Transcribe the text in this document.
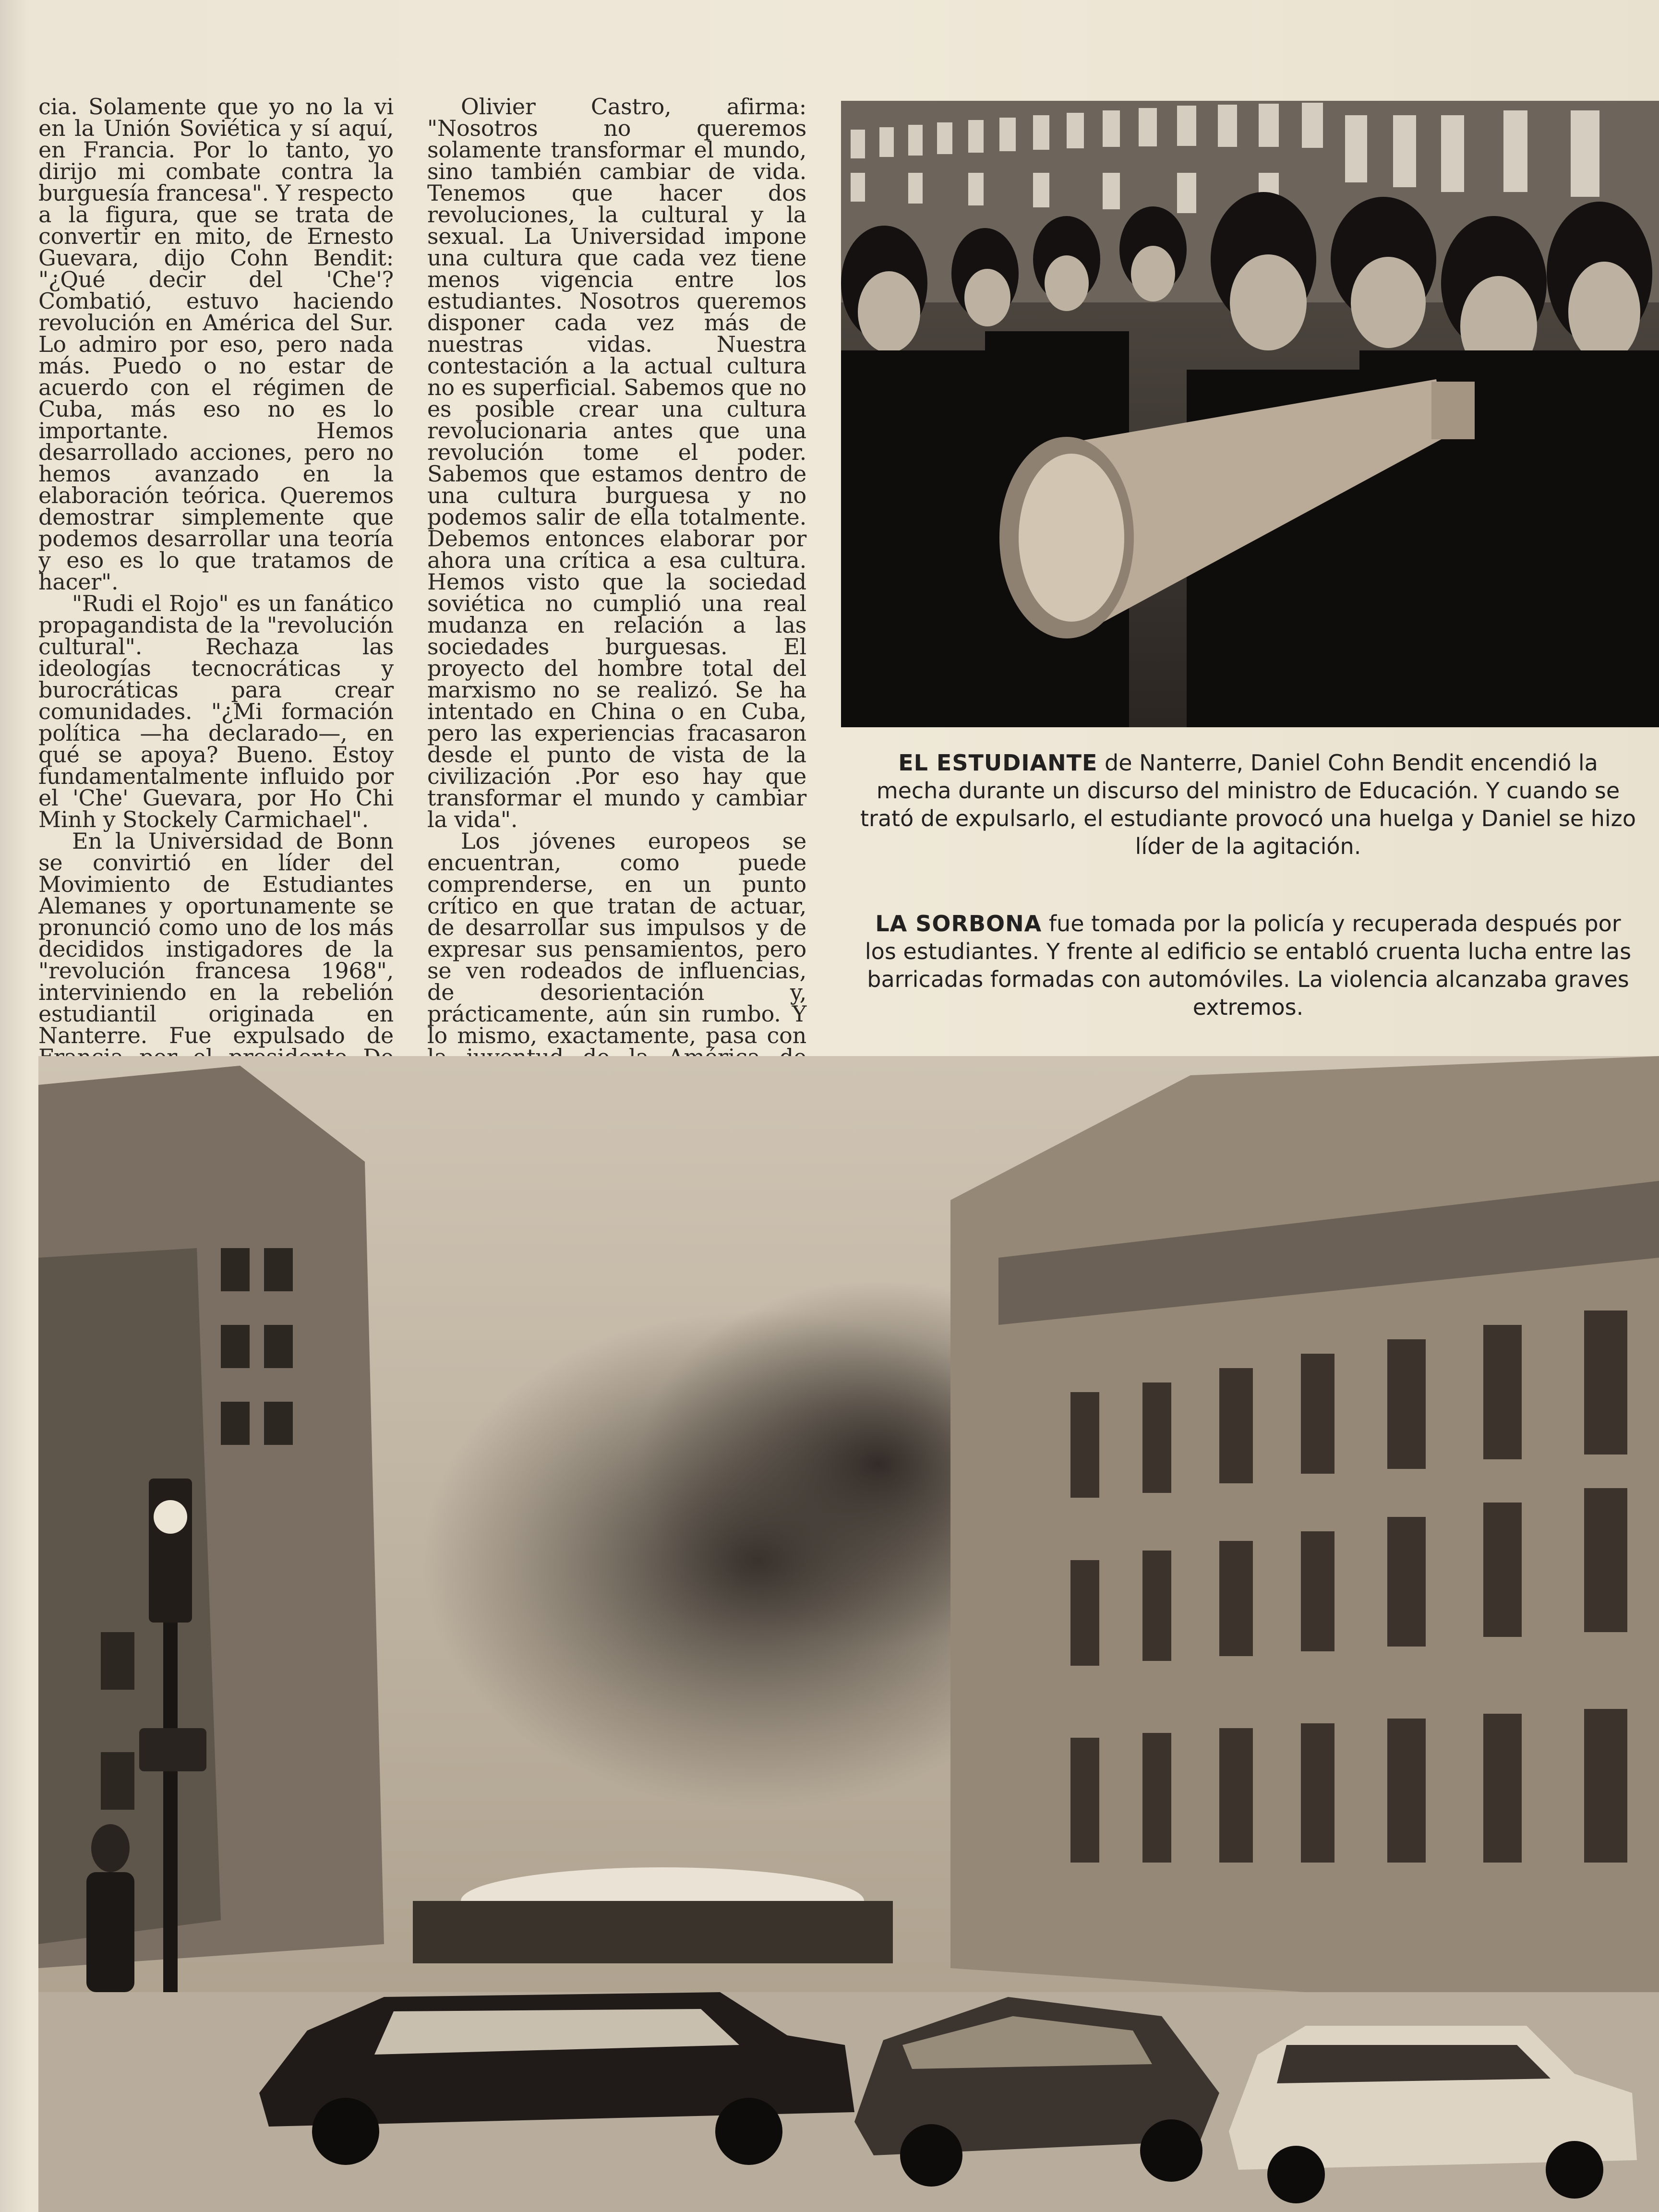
cia. Solamente que yo no la vi en la Unión Soviética y sí aquí, en Francia. Por lo tanto, yo dirijo mi combate contra la burguesía francesa". Y respecto a la figura, que se trata de convertir en mito, de Ernesto Guevara, dijo Cohn Bendit: "¿Qué decir del 'Che'? Combatió, estuvo haciendo revolución en América del Sur. Lo admiro por eso, pero nada más. Puedo o no estar de acuerdo con el régimen de Cuba, más eso no es lo importante. Hemos desarrollado acciones, pero no hemos avanzado en la elaboración teórica. Queremos demostrar simplemente que podemos desarrollar una teoría y eso es lo que tratamos de hacer".

"Rudi el Rojo" es un fanático propagandista de la "revolución cultural". Rechaza las ideologías tecnocráticas y burocráticas para crear comunidades. "¿Mi formación política —ha declarado—, en qué se apoya? Bueno. Estoy fundamentalmente influido por el 'Che' Guevara, por Ho Chi Minh y Stockely Carmichael".

En la Universidad de Bonn se convirtió en líder del Movimiento de Estudiantes Alemanes y oportunamente se pronunció como uno de los más decididos instigadores de la "revolución francesa 1968", interviniendo en la rebelión estudiantil originada en Nanterre. Fue expulsado de

Olivier Castro, afirma: "Nosotros no queremos solamente transformar el mundo, sino también cambiar de vida. Tenemos que hacer dos revoluciones, la cultural y la sexual. La Universidad impone una cultura que cada vez tiene menos vigencia entre los estudiantes. Nosotros queremos disponer cada vez más de nuestras vidas. Nuestra contestación a la actual cultura no es superficial. Sabemos que no es posible crear una cultura revolucionaria antes que una revolución tome el poder. Sabemos que estamos dentro de una cultura burguesa y no podemos salir de ella totalmente. Debemos entonces elaborar por ahora una crítica a esa cultura. Hemos visto que la sociedad soviética no cumplió una real mudanza en relación a las sociedades burguesas. El proyecto del hombre total del marxismo no se realizó. Se ha intentado en China o en Cuba, pero las experiencias fracasaron desde el punto de vista de la civilización .Por eso hay que transformar el mundo y cambiar la vida".

Los jóvenes europeos se encuentran, como puede comprenderse, en un punto crítico en que tratan de actuar, de desarrollar sus impulsos y de expresar sus pensamientos, pero se ven rodeados de influencias, de desorientación y, prácticamente, aún sin rumbo. Y lo mismo, exactamente, pasa con

EL ESTUDIANTE de Nanterre, Daniel Cohn Bendit encendió la mecha durante un discurso del ministro de Educación. Y cuando se trató de expulsarlo, el estudiante provocó una huelga y Daniel se hizo líder de la agitación.
LA SORBONA fue tomada por la policía y recuperada después por los estudiantes. Y frente al edificio se entabló cruenta lucha entre las barricadas formadas con automóviles. La violencia alcanzaba graves extremos.
